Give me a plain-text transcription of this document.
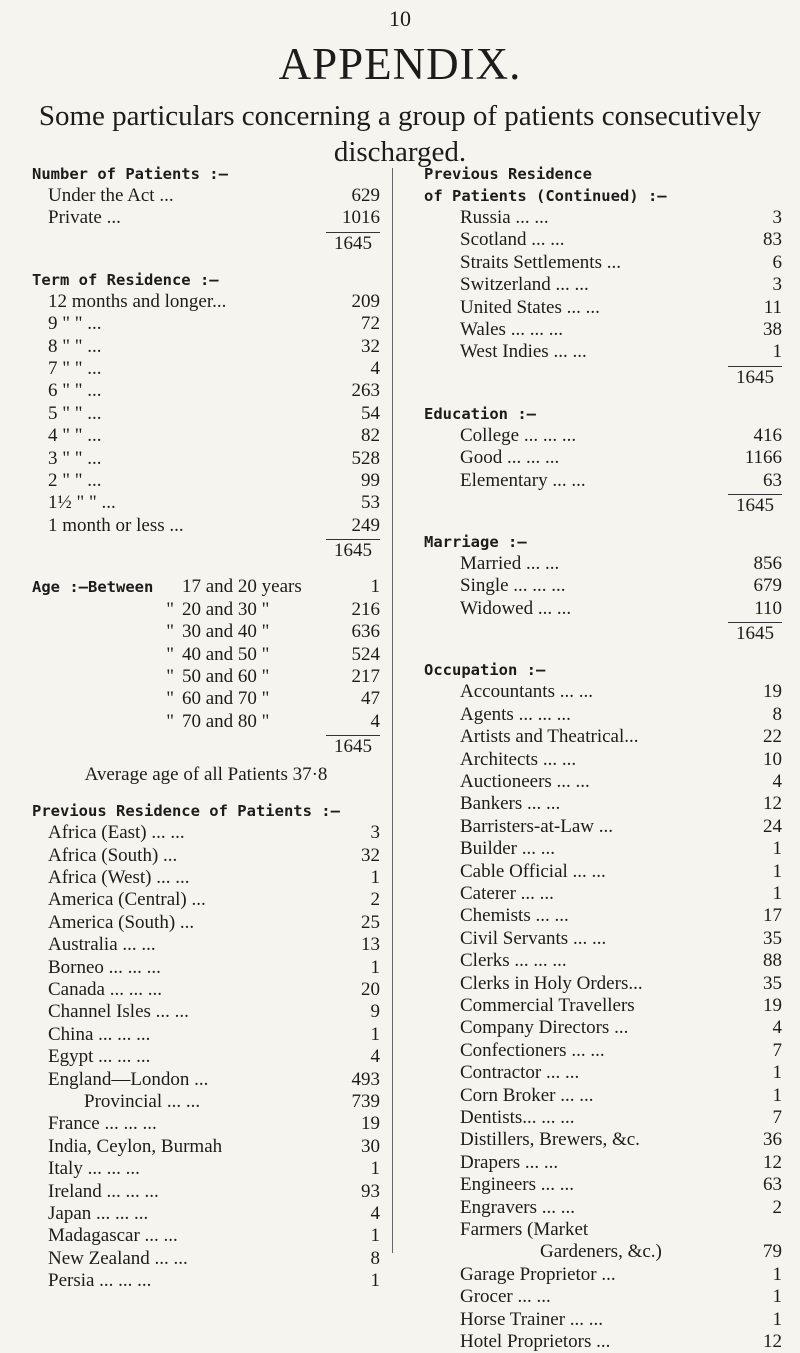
10
APPENDIX.
Some particulars concerning a group of patients consecutively discharged.
Number of Patients :—
Under the Act ...	629
Private ...	1016
1645
Term of Residence :—
12 months and longer...	209
9 " " ...	72
8 " " ...	32
7 " " ...	4
6 " " ...	263
5 " " ...	54
4 " " ...	82
3 " " ...	528
2 " " ...	99
1½ " " ...	53
1 month or less ...	249
1645
Age :—Between	17 and 20 years	1
" 20 and 30 "	216
" 30 and 40 "	636
" 40 and 50 "	524
" 50 and 60 "	217
" 60 and 70 "	47
" 70 and 80 "	4
1645
Average age of all Patients 37·8
Previous Residence of Patients :—
Africa (East) ... ...	3
Africa (South) ...	32
Africa (West) ... ...	1
America (Central) ...	2
America (South) ...	25
Australia ... ...	13
Borneo ... ... ...	1
Canada ... ... ...	20
Channel Isles ... ...	9
China ... ... ...	1
Egypt ... ... ...	4
England—London ...	493
Provincial ... ...	739
France ... ... ...	19
India, Ceylon, Burmah	30
Italy ... ... ...	1
Ireland ... ... ...	93
Japan ... ... ...	4
Madagascar ... ...	1
New Zealand ... ...	8
Persia ... ... ...	1
Previous Residence
of Patients (Continued) :—
Russia ... ...	3
Scotland ... ...	83
Straits Settlements ...	6
Switzerland ... ...	3
United States ... ...	11
Wales ... ... ...	38
West Indies ... ...	1
1645
Education :—
College ... ... ...	416
Good ... ... ...	1166
Elementary ... ...	63
1645
Marriage :—
Married ... ...	856
Single ... ... ...	679
Widowed ... ...	110
1645
Occupation :—
Accountants ... ...	19
Agents ... ... ...	8
Artists and Theatrical...	22
Architects ... ...	10
Auctioneers ... ...	4
Bankers ... ...	12
Barristers-at-Law ...	24
Builder ... ...	1
Cable Official ... ...	1
Caterer ... ...	1
Chemists ... ...	17
Civil Servants ... ...	35
Clerks ... ... ...	88
Clerks in Holy Orders...	35
Commercial Travellers	19
Company Directors ...	4
Confectioners ... ...	7
Contractor ... ...	1
Corn Broker ... ...	1
Dentists... ... ...	7
Distillers, Brewers, &c.	36
Drapers ... ...	12
Engineers ... ...	63
Engravers ... ...	2
Farmers (Market
Gardeners, &c.)	79
Garage Proprietor ...	1
Grocer ... ...	1
Horse Trainer ... ...	1
Hotel Proprietors ...	12
